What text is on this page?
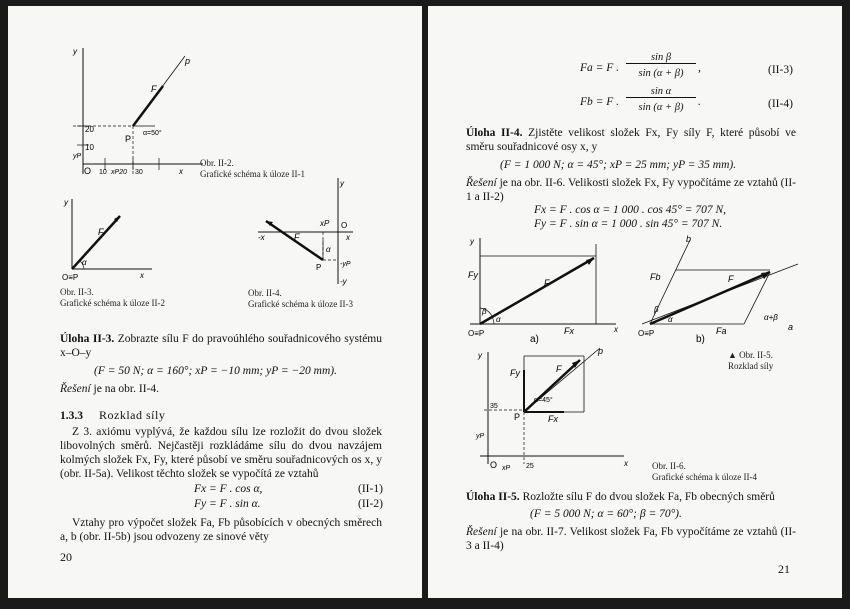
y
p
F
P
α=50°
20
10
yP
O 10 xP20 30	x
Obr. II-2.
Grafické schéma k úloze II-1
y
F
α
O≡P	x
Obr. II-3.
Grafické schéma k úloze II-2
y
xP O
-x	F	x
α
P	-yP
-y
Obr. II-4.
Grafické schéma k úloze II-3
Úloha II-3. Zobrazte sílu F do pravoúhlého souřadnicového systému x–O–y
(F = 50 N; α = 160°; xP = −10 mm; yP = −20 mm).
Řešení je na obr. II-4.
1.3.3 Rozklad síly
Z 3. axiómu vyplývá, že každou sílu lze rozložit do dvou složek libovolných směrů. Nejčastěji rozkládáme sílu do dvou navzájem kolmých složek Fx, Fy, které působí ve směru souřadnicových os x, y (obr. II-5a). Velikost těchto složek se vypočítá ze vztahů
Fx = F . cos α,	(II-1)
Fy = F . sin α.	(II-2)
Vztahy pro výpočet složek Fa, Fb působících v obecných směrech a, b (obr. II-5b) jsou odvozeny ze sinové věty
20
Fa = F .
sin β
sin (α + β)	,	(II-3)
Fb = F .
sin α
sin (α + β)	.	(II-4)
Úloha II-4. Zjistěte velikost složek Fx, Fy síly F, které působí ve směru souřadnicové osy x, y
(F = 1 000 N; α = 45°; xP = 25 mm; yP = 35 mm).
Řešení je na obr. II-6. Velikosti složek Fx, Fy vypočítáme ze vztahů (II-1 a II-2)
Fx = F . cos α = 1 000 . cos 45° = 707 N,
Fy = F . sin α = 1 000 . sin 45° = 707 N.
y
Fy
F
β
α
O≡P	Fx	x
a)
b
Fb	F
β
α
O≡P	Fa
α+β
a
b)
▲ Obr. II-5.
Rozklad síly
y	p
Fy	F
35
α=45°
P	Fx
yP
O xP 25	x	Obr. II-6.
Grafické schéma k úloze II-4
Úloha II-5. Rozložte sílu F do dvou složek Fa, Fb obecných směrů
(F = 5 000 N; α = 60°; β = 70°).
Řešení je na obr. II-7. Velikost složek Fa, Fb vypočítáme ze vztahů (II-3 a II-4)
21
